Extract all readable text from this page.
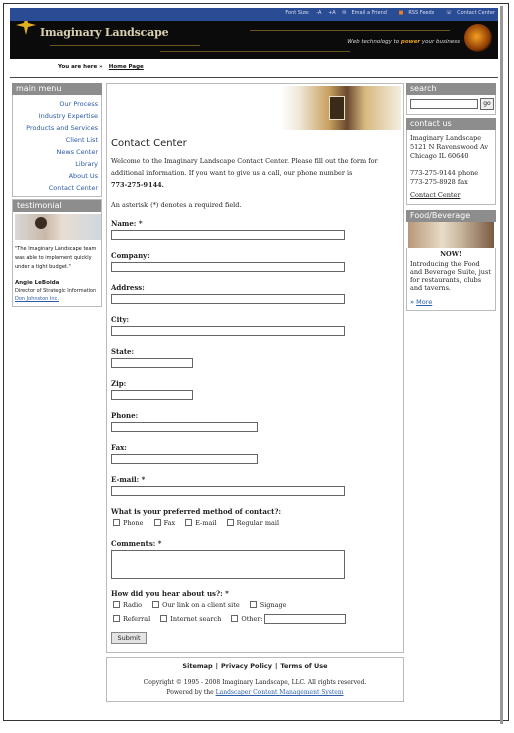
Font Size: -A +A ✉ Email a Friend ■ RSS Feeds ☏ Contact Center
Imaginary Landscape
Web technology to power your business
You are here » Home Page
main menu
Our Process
Industry Expertise
Products and Services
Client List
News Center
Library
About Us
Contact Center
testimonial
"The Imaginary Landscape team was able to implement quickly under a tight budget."
Angie LeBoida
Director of Strategic Information
Don Johnston Inc.
search
go
contact us
Imaginary Landscape
5121 N Ravenswood Av
Chicago IL 60640
773-275-9144 phone
773-275-8928 fax
Contact Center
Food/Beverage
NOW!
Introducing the Food and Beverage Suite, just for restaurants, clubs and taverns.
» More
Contact Center
Welcome to the Imaginary Landscape Contact Center. Please fill out the form for additional information. If you want to give us a call, our phone number is
773-275-9144.
An asterisk (*) denotes a required field.
Name: *
Company:
Address:
City:
State:
Zip:
Phone:
Fax:
E-mail: *
What is your preferred method of contact?:
Phone	Fax	E-mail	Regular mail
Comments: *
How did you hear about us?: *
Radio	Our link on a client site	Signage
Referral	Internet search	Other:
Submit
Sitemap | Privacy Policy | Terms of Use
Copyright © 1995 - 2008 Imaginary Landscape, LLC. All rights reserved.
Powered by the Landscaper Content Management System
